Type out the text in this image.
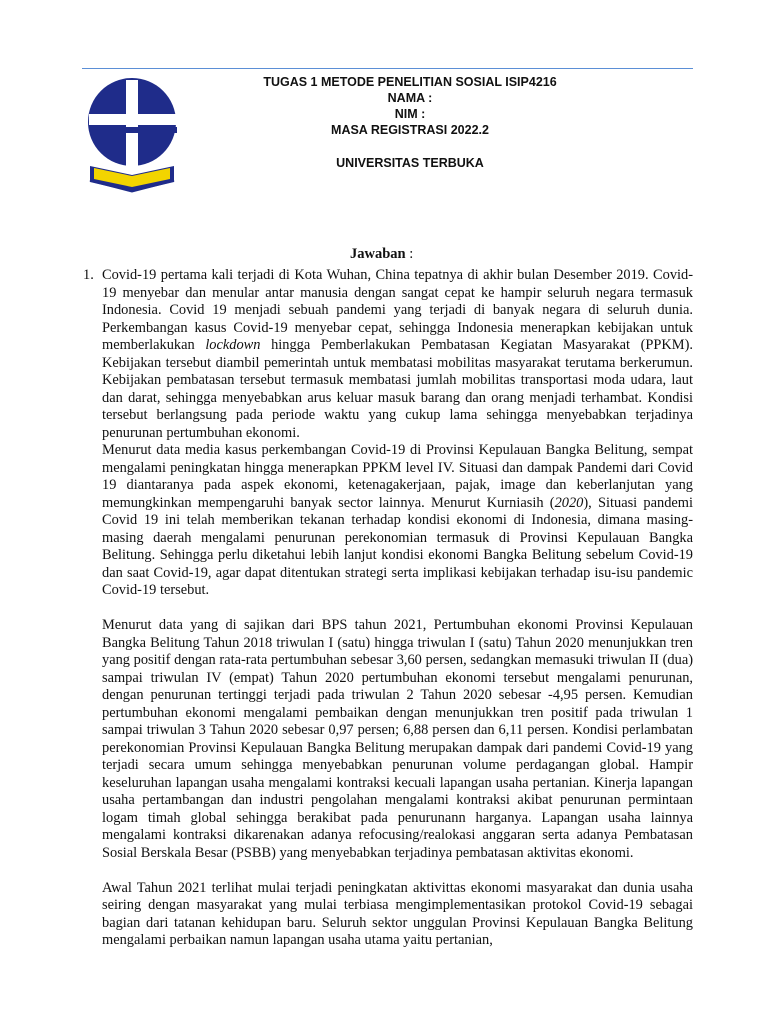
TUGAS 1 METODE PENELITIAN SOSIAL ISIP4216
NAMA :
NIM :
MASA REGISTRASI 2022.2
UNIVERSITAS TERBUKA
Jawaban :
1. Covid-19 pertama kali terjadi di Kota Wuhan, China tepatnya di akhir bulan Desember 2019. Covid-19 menyebar dan menular antar manusia dengan sangat cepat ke hampir seluruh negara termasuk Indonesia. Covid 19 menjadi sebuah pandemi yang terjadi di banyak negara di seluruh dunia. Perkembangan kasus Covid-19 menyebar cepat, sehingga Indonesia menerapkan kebijakan untuk memberlakukan lockdown hingga Pemberlakukan Pembatasan Kegiatan Masyarakat (PPKM). Kebijakan tersebut diambil pemerintah untuk membatasi mobilitas masyarakat terutama berkerumun. Kebijakan pembatasan tersebut termasuk membatasi jumlah mobilitas transportasi moda udara, laut dan darat, sehingga menyebabkan arus keluar masuk barang dan orang menjadi terhambat. Kondisi tersebut berlangsung pada periode waktu yang cukup lama sehingga menyebabkan terjadinya penurunan pertumbuhan ekonomi.

Menurut data media kasus perkembangan Covid-19 di Provinsi Kepulauan Bangka Belitung, sempat mengalami peningkatan hingga menerapkan PPKM level IV. Situasi dan dampak Pandemi dari Covid 19 diantaranya pada aspek ekonomi, ketenagakerjaan, pajak, image dan keberlanjutan yang memungkinkan mempengaruhi banyak sector lainnya. Menurut Kurniasih (2020), Situasi pandemi Covid 19 ini telah memberikan tekanan terhadap kondisi ekonomi di Indonesia, dimana masing-masing daerah mengalami penurunan perekonomian termasuk di Provinsi Kepulauan Bangka Belitung. Sehingga perlu diketahui lebih lanjut kondisi ekonomi Bangka Belitung sebelum Covid-19 dan saat Covid-19, agar dapat ditentukan strategi serta implikasi kebijakan terhadap isu-isu pandemic Covid-19 tersebut.

Menurut data yang di sajikan dari BPS tahun 2021, Pertumbuhan ekonomi Provinsi Kepulauan Bangka Belitung Tahun 2018 triwulan I (satu) hingga triwulan I (satu) Tahun 2020 menunjukkan tren yang positif dengan rata-rata pertumbuhan sebesar 3,60 persen, sedangkan memasuki triwulan II (dua) sampai triwulan IV (empat) Tahun 2020 pertumbuhan ekonomi tersebut mengalami penurunan, dengan penurunan tertinggi terjadi pada triwulan 2 Tahun 2020 sebesar -4,95 persen. Kemudian pertumbuhan ekonomi mengalami pembaikan dengan menunjukkan tren positif pada triwulan 1 sampai triwulan 3 Tahun 2020 sebesar 0,97 persen; 6,88 persen dan 6,11 persen. Kondisi perlambatan perekonomian Provinsi Kepulauan Bangka Belitung merupakan dampak dari pandemi Covid-19 yang terjadi secara umum sehingga menyebabkan penurunan volume perdagangan global. Hampir keseluruhan lapangan usaha mengalami kontraksi kecuali lapangan usaha pertanian. Kinerja lapangan usaha pertambangan dan industri pengolahan mengalami kontraksi akibat penurunan permintaan logam timah global sehingga berakibat pada penurunann harganya. Lapangan usaha lainnya mengalami kontraksi dikarenakan adanya refocusing/realokasi anggaran serta adanya Pembatasan Sosial Berskala Besar (PSBB) yang menyebabkan terjadinya pembatasan aktivitas ekonomi.

Awal Tahun 2021 terlihat mulai terjadi peningkatan aktivittas ekonomi masyarakat dan dunia usaha seiring dengan masyarakat yang mulai terbiasa mengimplementasikan protokol Covid-19 sebagai bagian dari tatanan kehidupan baru. Seluruh sektor unggulan Provinsi Kepulauan Bangka Belitung mengalami perbaikan namun lapangan usaha utama yaitu pertanian,
